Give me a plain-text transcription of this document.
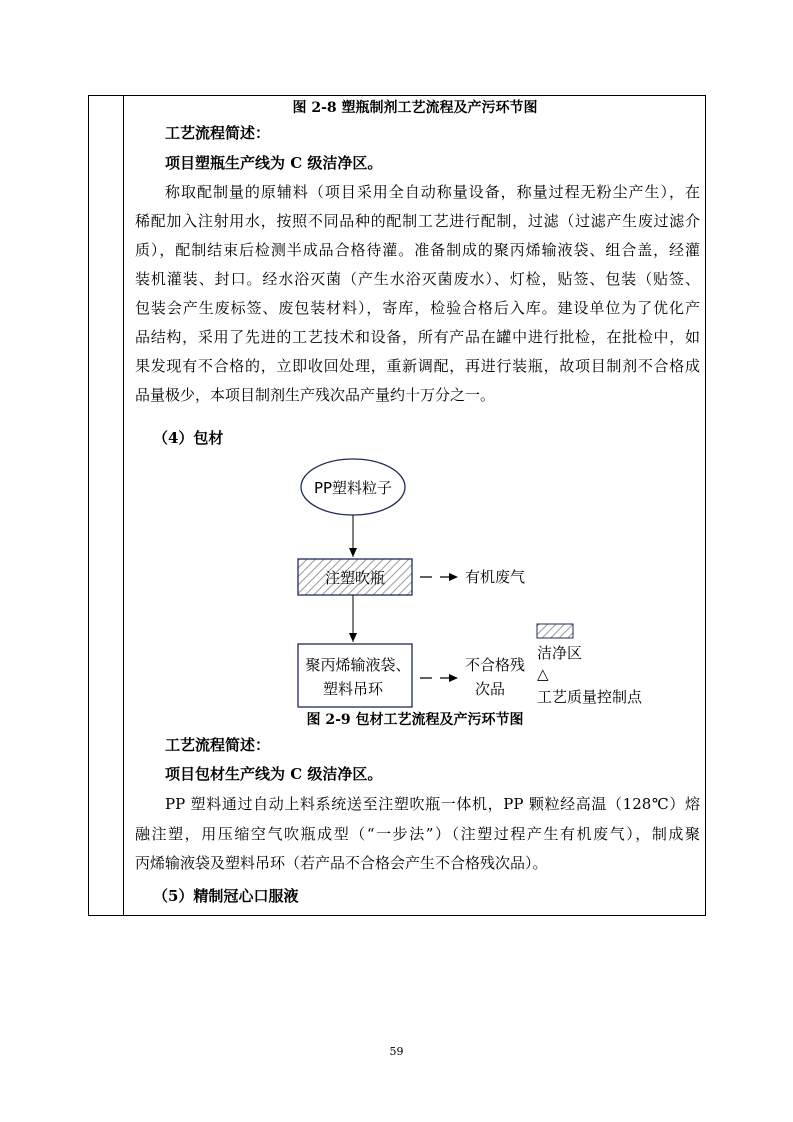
图 2-8 塑瓶制剂工艺流程及产污环节图
工艺流程简述：
项目塑瓶生产线为 C 级洁净区。
称取配制量的原辅料（项目采用全自动称量设备，称量过程无粉尘产生），在
稀配加入注射用水，按照不同品种的配制工艺进行配制，过滤（过滤产生废过滤介
质），配制结束后检测半成品合格待灌。准备制成的聚丙烯输液袋、组合盖，经灌
装机灌装、封口。经水浴灭菌（产生水浴灭菌废水）、灯检，贴签、包装（贴签、
包装会产生废标签、废包装材料），寄库，检验合格后入库。建设单位为了优化产
品结构，采用了先进的工艺技术和设备，所有产品在罐中进行批检，在批检中，如
果发现有不合格的，立即收回处理，重新调配，再进行装瓶，故项目制剂不合格成
品量极少，本项目制剂生产残次品产量约十万分之一。
（4）包材
PP塑料粒子
注塑吹瓶	有机废气
聚丙烯输液袋、
塑料吊环
不合格残
次品
洁净区
△
工艺质量控制点
图 2-9 包材工艺流程及产污环节图
工艺流程简述：
项目包材生产线为 C 级洁净区。
PP 塑料通过自动上料系统送至注塑吹瓶一体机，PP 颗粒经高温（128℃）熔
融注塑，用压缩空气吹瓶成型（“一步法”）（注塑过程产生有机废气），制成聚
丙烯输液袋及塑料吊环（若产品不合格会产生不合格残次品）。
（5）精制冠心口服液
59
